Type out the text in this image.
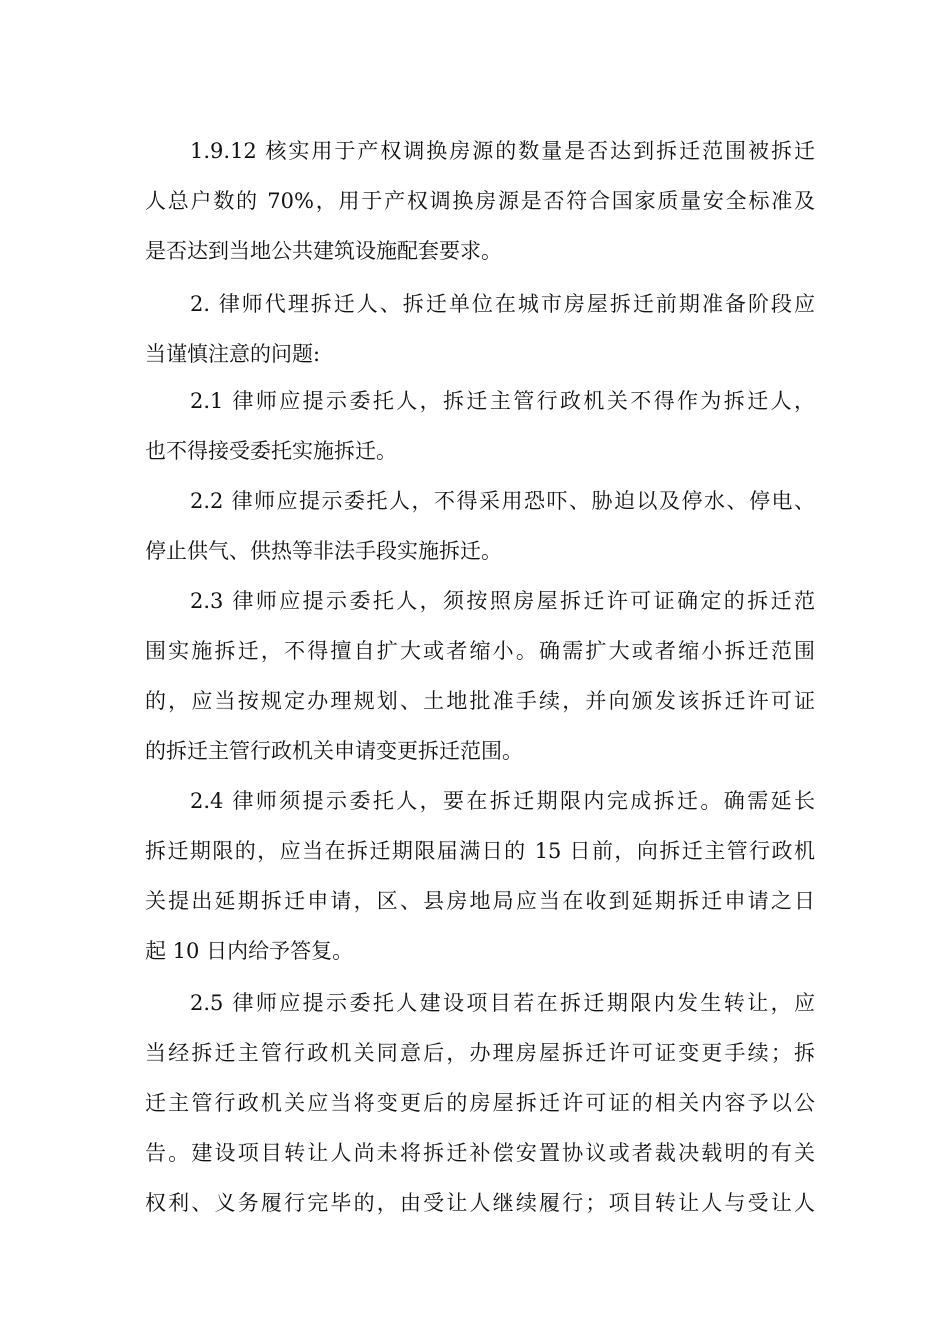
1.9.12 核实用于产权调换房源的数量是否达到拆迁范围被拆迁
人总户数的 70%，用于产权调换房源是否符合国家质量安全标准及
是否达到当地公共建筑设施配套要求。
2. 律师代理拆迁人、拆迁单位在城市房屋拆迁前期准备阶段应
当谨慎注意的问题:
2.1 律师应提示委托人，拆迁主管行政机关不得作为拆迁人，
也不得接受委托实施拆迁。
2.2 律师应提示委托人，不得采用恐吓、胁迫以及停水、停电、
停止供气、供热等非法手段实施拆迁。
2.3 律师应提示委托人，须按照房屋拆迁许可证确定的拆迁范
围实施拆迁，不得擅自扩大或者缩小。确需扩大或者缩小拆迁范围
的，应当按规定办理规划、土地批准手续，并向颁发该拆迁许可证
的拆迁主管行政机关申请变更拆迁范围。
2.4 律师须提示委托人，要在拆迁期限内完成拆迁。确需延长
拆迁期限的，应当在拆迁期限届满日的 15 日前，向拆迁主管行政机
关提出延期拆迁申请，区、县房地局应当在收到延期拆迁申请之日
起 10 日内给予答复。
2.5 律师应提示委托人建设项目若在拆迁期限内发生转让，应
当经拆迁主管行政机关同意后，办理房屋拆迁许可证变更手续；拆
迁主管行政机关应当将变更后的房屋拆迁许可证的相关内容予以公
告。建设项目转让人尚未将拆迁补偿安置协议或者裁决载明的有关
权利、义务履行完毕的，由受让人继续履行；项目转让人与受让人
